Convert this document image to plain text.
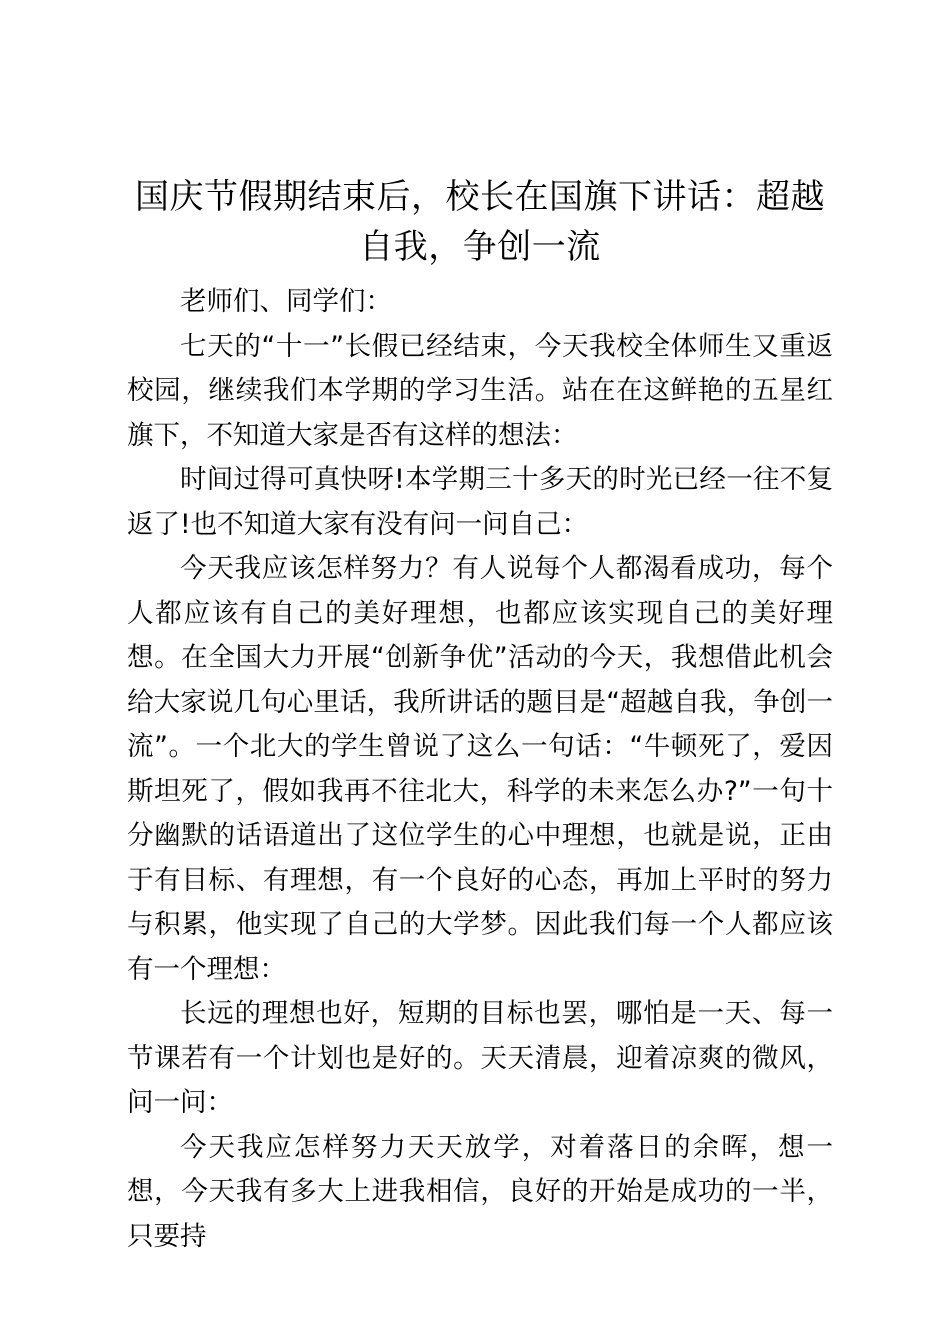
国庆节假期结束后，校长在国旗下讲话：超越自我，争创一流

老师们、同学们：

七天的“十一”长假已经结束，今天我校全体师生又重返校园，继续我们本学期的学习生活。站在在这鲜艳的五星红旗下，不知道大家是否有这样的想法：

时间过得可真快呀!本学期三十多天的时光已经一往不复返了!也不知道大家有没有问一问自己：

今天我应该怎样努力？有人说每个人都渴看成功，每个人都应该有自己的美好理想，也都应该实现自己的美好理想。在全国大力开展“创新争优”活动的今天，我想借此机会给大家说几句心里话，我所讲话的题目是“超越自我，争创一流”。一个北大的学生曾说了这么一句话：“牛顿死了，爱因斯坦死了，假如我再不往北大，科学的未来怎么办?”一句十分幽默的话语道出了这位学生的心中理想，也就是说，正由于有目标、有理想，有一个良好的心态，再加上平时的努力与积累，他实现了自己的大学梦。因此我们每一个人都应该有一个理想：

长远的理想也好，短期的目标也罢，哪怕是一天、每一节课若有一个计划也是好的。天天清晨，迎着凉爽的微风，问一问：

今天我应怎样努力天天放学，对着落日的余晖，想一想，今天我有多大上进我相信，良好的开始是成功的一半，只要持
